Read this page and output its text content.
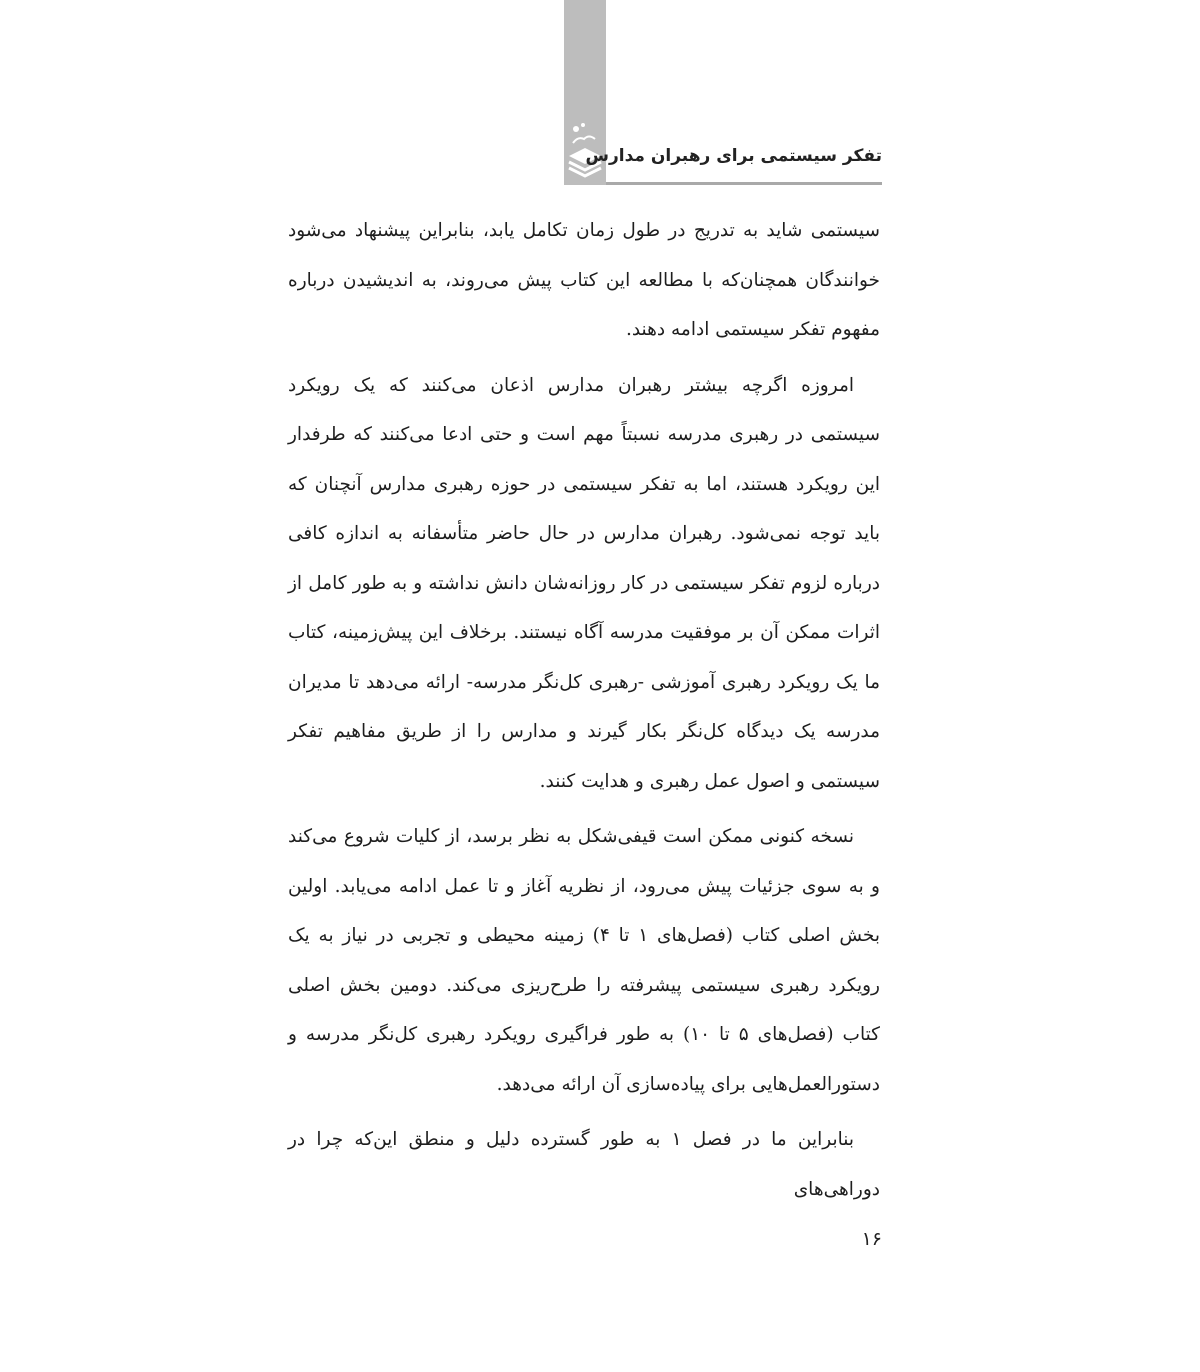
تفکر سیستمی برای رهبران مدارس

سیستمی شاید به تدریج در طول زمان تکامل یابد، بنابراین پیشنهاد می‌شود خوانندگان همچنان‌که با مطالعه این کتاب پیش می‌روند، به اندیشیدن درباره مفهوم تفکر سیستمی ادامه دهند.

امروزه اگرچه بیشتر رهبران مدارس اذعان می‌کنند که یک رویکرد سیستمی در رهبری مدرسه نسبتاً مهم است و حتی ادعا می‌کنند که طرفدار این رویکرد هستند، اما به تفکر سیستمی در حوزه رهبری مدارس آنچنان که باید توجه نمی‌شود. رهبران مدارس در حال حاضر متأسفانه به اندازه کافی درباره لزوم تفکر سیستمی در کار روزانه‌شان دانش نداشته و به طور کامل از اثرات ممکن آن بر موفقیت مدرسه آگاه نیستند. برخلاف این پیش‌زمینه، کتاب ما یک رویکرد رهبری آموزشی -رهبری کل‌نگر مدرسه- ارائه می‌دهد تا مدیران مدرسه یک دیدگاه کل‌نگر بکار گیرند و مدارس را از طریق مفاهیم تفکر سیستمی و اصول عمل رهبری و هدایت کنند.

نسخه کنونی ممکن است قیفی‌شکل به نظر برسد، از کلیات شروع می‌کند و به سوی جزئیات پیش می‌رود، از نظریه آغاز و تا عمل ادامه می‌یابد. اولین بخش اصلی کتاب (فصل‌های ۱ تا ۴) زمینه محیطی و تجربی در نیاز به یک رویکرد رهبری سیستمی پیشرفته را طرح‌ریزی می‌کند. دومین بخش اصلی کتاب (فصل‌های ۵ تا ۱۰) به طور فراگیری رویکرد رهبری کل‌نگر مدرسه و دستورالعمل‌هایی برای پیاده‌سازی آن ارائه می‌دهد.

بنابراین ما در فصل ۱ به طور گسترده دلیل و منطق این‌که چرا در دوراهی‌های

۱۶
